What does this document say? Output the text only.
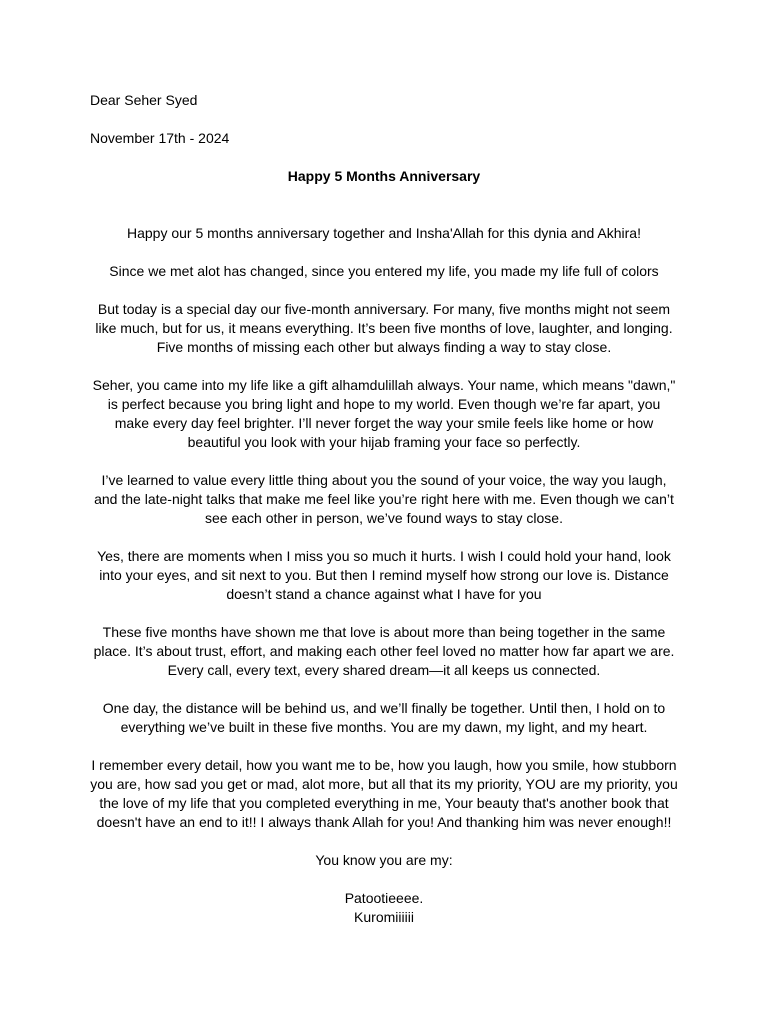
Dear Seher Syed

November 17th - 2024

Happy 5 Months Anniversary

Happy our 5 months anniversary together and Insha'Allah for this dynia and Akhira!

Since we met alot has changed, since you entered my life, you made my life full of colors

But today is a special day our five-month anniversary. For many, five months might not seem like much, but for us, it means everything. It’s been five months of love, laughter, and longing. Five months of missing each other but always finding a way to stay close.

Seher, you came into my life like a gift alhamdulillah always. Your name, which means "dawn," is perfect because you bring light and hope to my world. Even though we’re far apart, you make every day feel brighter. I’ll never forget the way your smile feels like home or how beautiful you look with your hijab framing your face so perfectly.

I’ve learned to value every little thing about you the sound of your voice, the way you laugh, and the late-night talks that make me feel like you’re right here with me. Even though we can’t see each other in person, we’ve found ways to stay close.

Yes, there are moments when I miss you so much it hurts. I wish I could hold your hand, look into your eyes, and sit next to you. But then I remind myself how strong our love is. Distance doesn’t stand a chance against what I have for you

These five months have shown me that love is about more than being together in the same place. It’s about trust, effort, and making each other feel loved no matter how far apart we are. Every call, every text, every shared dream—it all keeps us connected.

One day, the distance will be behind us, and we’ll finally be together. Until then, I hold on to everything we’ve built in these five months. You are my dawn, my light, and my heart.

I remember every detail, how you want me to be, how you laugh, how you smile, how stubborn you are, how sad you get or mad, alot more, but all that its my priority, YOU are my priority, you the love of my life that you completed everything in me, Your beauty that's another book that doesn't have an end to it!! I always thank Allah for you! And thanking him was never enough!!

You know you are my:

Patootieeee.

Kuromiiiiii
